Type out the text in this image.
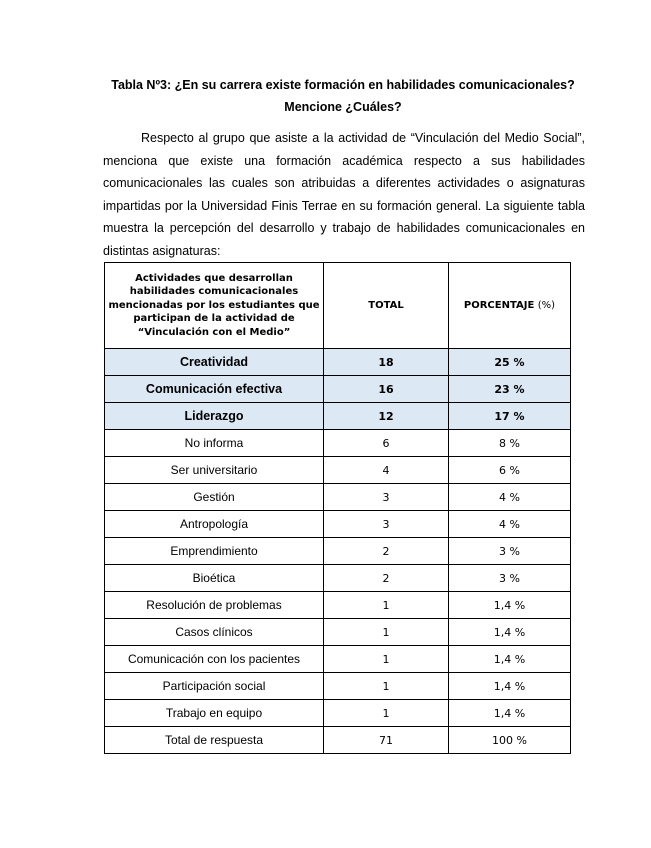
Tabla Nº3: ¿En su carrera existe formación en habilidades comunicacionales?
Mencione ¿Cuáles?

Respecto al grupo que asiste a la actividad de “Vinculación del Medio Social”, menciona que existe una formación académica respecto a sus habilidades comunicacionales las cuales son atribuidas a diferentes actividades o asignaturas impartidas por la Universidad Finis Terrae en su formación general. La siguiente tabla muestra la percepción del desarrollo y trabajo de habilidades comunicacionales en distintas asignaturas:

Actividades que desarrollan habilidades comunicacionales mencionadas por los estudiantes que participan de la actividad de “Vinculación con el Medio”	TOTAL	PORCENTAJE (%)
Creatividad	18	25 %
Comunicación efectiva	16	23 %
Liderazgo	12	17 %
No informa	6	8 %
Ser universitario	4	6 %
Gestión	3	4 %
Antropología	3	4 %
Emprendimiento	2	3 %
Bioética	2	3 %
Resolución de problemas	1	1,4 %
Casos clínicos	1	1,4 %
Comunicación con los pacientes	1	1,4 %
Participación social	1	1,4 %
Trabajo en equipo	1	1,4 %
Total de respuesta	71	100 %
